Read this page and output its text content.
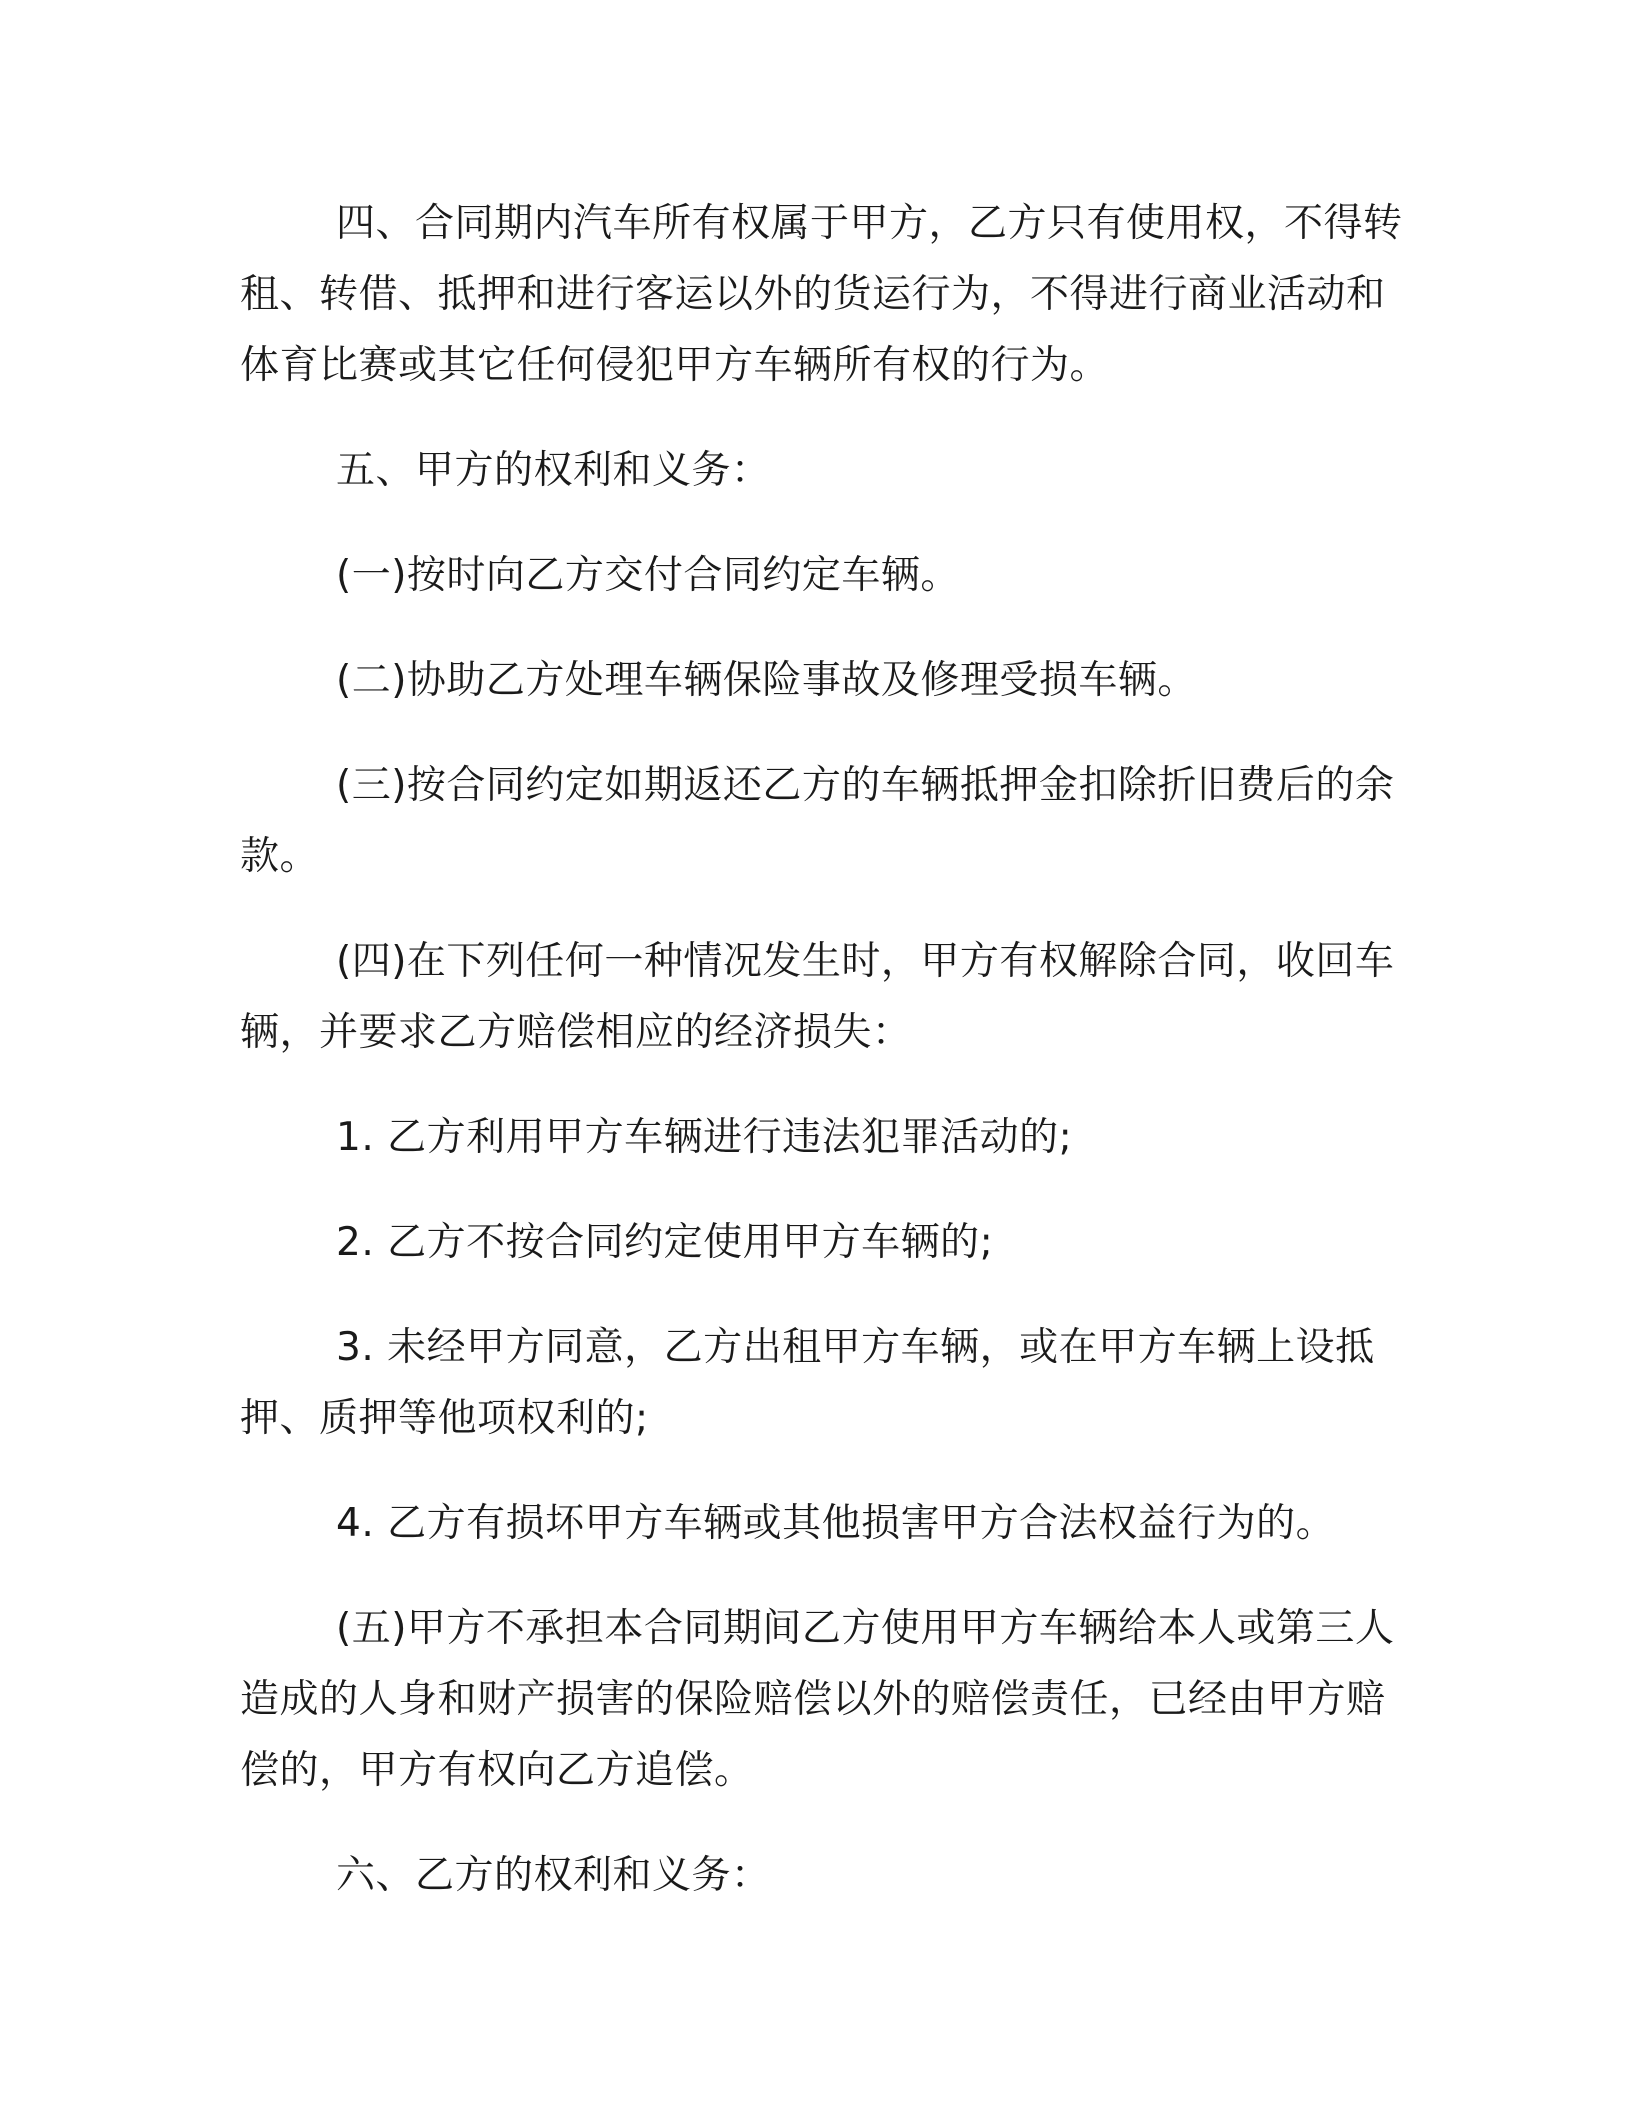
四、合同期内汽车所有权属于甲方，乙方只有使用权，不得转租、转借、抵押和进行客运以外的货运行为，不得进行商业活动和体育比赛或其它任何侵犯甲方车辆所有权的行为。

五、甲方的权利和义务：

(一)按时向乙方交付合同约定车辆。

(二)协助乙方处理车辆保险事故及修理受损车辆。

(三)按合同约定如期返还乙方的车辆抵押金扣除折旧费后的余款。

(四)在下列任何一种情况发生时，甲方有权解除合同，收回车辆，并要求乙方赔偿相应的经济损失：

1. 乙方利用甲方车辆进行违法犯罪活动的;

2. 乙方不按合同约定使用甲方车辆的;

3. 未经甲方同意，乙方出租甲方车辆，或在甲方车辆上设抵押、质押等他项权利的;

4. 乙方有损坏甲方车辆或其他损害甲方合法权益行为的。

(五)甲方不承担本合同期间乙方使用甲方车辆给本人或第三人造成的人身和财产损害的保险赔偿以外的赔偿责任，已经由甲方赔偿的，甲方有权向乙方追偿。

六、乙方的权利和义务：
